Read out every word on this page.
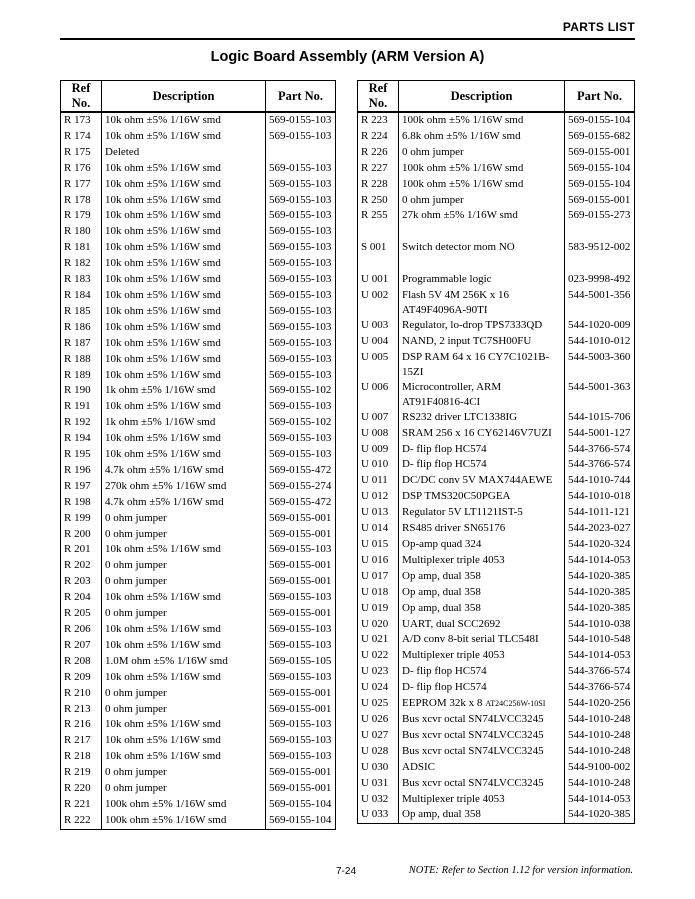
PARTS LIST
Logic Board Assembly (ARM Version A)
Ref No.	Description	Part No.
R 173	10k ohm ±5% 1/16W smd	569-0155-103
R 174	10k ohm ±5% 1/16W smd	569-0155-103
R 175	Deleted	
R 176	10k ohm ±5% 1/16W smd	569-0155-103
R 177	10k ohm ±5% 1/16W smd	569-0155-103
R 178	10k ohm ±5% 1/16W smd	569-0155-103
R 179	10k ohm ±5% 1/16W smd	569-0155-103
R 180	10k ohm ±5% 1/16W smd	569-0155-103
R 181	10k ohm ±5% 1/16W smd	569-0155-103
R 182	10k ohm ±5% 1/16W smd	569-0155-103
R 183	10k ohm ±5% 1/16W smd	569-0155-103
R 184	10k ohm ±5% 1/16W smd	569-0155-103
R 185	10k ohm ±5% 1/16W smd	569-0155-103
R 186	10k ohm ±5% 1/16W smd	569-0155-103
R 187	10k ohm ±5% 1/16W smd	569-0155-103
R 188	10k ohm ±5% 1/16W smd	569-0155-103
R 189	10k ohm ±5% 1/16W smd	569-0155-103
R 190	1k ohm ±5% 1/16W smd	569-0155-102
R 191	10k ohm ±5% 1/16W smd	569-0155-103
R 192	1k ohm ±5% 1/16W smd	569-0155-102
R 194	10k ohm ±5% 1/16W smd	569-0155-103
R 195	10k ohm ±5% 1/16W smd	569-0155-103
R 196	4.7k ohm ±5% 1/16W smd	569-0155-472
R 197	270k ohm ±5% 1/16W smd	569-0155-274
R 198	4.7k ohm ±5% 1/16W smd	569-0155-472
R 199	0 ohm jumper	569-0155-001
R 200	0 ohm jumper	569-0155-001
R 201	10k ohm ±5% 1/16W smd	569-0155-103
R 202	0 ohm jumper	569-0155-001
R 203	0 ohm jumper	569-0155-001
R 204	10k ohm ±5% 1/16W smd	569-0155-103
R 205	0 ohm jumper	569-0155-001
R 206	10k ohm ±5% 1/16W smd	569-0155-103
R 207	10k ohm ±5% 1/16W smd	569-0155-103
R 208	1.0M ohm ±5% 1/16W smd	569-0155-105
R 209	10k ohm ±5% 1/16W smd	569-0155-103
R 210	0 ohm jumper	569-0155-001
R 213	0 ohm jumper	569-0155-001
R 216	10k ohm ±5% 1/16W smd	569-0155-103
R 217	10k ohm ±5% 1/16W smd	569-0155-103
R 218	10k ohm ±5% 1/16W smd	569-0155-103
R 219	0 ohm jumper	569-0155-001
R 220	0 ohm jumper	569-0155-001
R 221	100k ohm ±5% 1/16W smd	569-0155-104
R 222	100k ohm ±5% 1/16W smd	569-0155-104
Ref No.	Description	Part No.
R 223	100k ohm ±5% 1/16W smd	569-0155-104
R 224	6.8k ohm ±5% 1/16W smd	569-0155-682
R 226	0 ohm jumper	569-0155-001
R 227	100k ohm ±5% 1/16W smd	569-0155-104
R 228	100k ohm ±5% 1/16W smd	569-0155-104
R 250	0 ohm jumper	569-0155-001
R 255	27k ohm ±5% 1/16W smd	569-0155-273

S 001	Switch detector mom NO	583-9512-002

U 001	Programmable logic	023-9998-492
U 002	Flash 5V 4M 256K x 16 AT49F4096A-90TI	544-5001-356
U 003	Regulator, lo-drop TPS7333QD	544-1020-009
U 004	NAND, 2 input TC7SH00FU	544-1010-012
U 005	DSP RAM 64 x 16 CY7C1021B-15ZI	544-5003-360
U 006	Microcontroller, ARM AT91F40816-4CI	544-5001-363
U 007	RS232 driver LTC1338IG	544-1015-706
U 008	SRAM 256 x 16 CY62146V7UZI	544-5001-127
U 009	D- flip flop HC574	544-3766-574
U 010	D- flip flop HC574	544-3766-574
U 011	DC/DC conv 5V MAX744AEWE	544-1010-744
U 012	DSP TMS320C50PGEA	544-1010-018
U 013	Regulator 5V LT1121IST-5	544-1011-121
U 014	RS485 driver SN65176	544-2023-027
U 015	Op-amp quad 324	544-1020-324
U 016	Multiplexer triple 4053	544-1014-053
U 017	Op amp, dual 358	544-1020-385
U 018	Op amp, dual 358	544-1020-385
U 019	Op amp, dual 358	544-1020-385
U 020	UART, dual SCC2692	544-1010-038
U 021	A/D conv 8-bit serial TLC548I	544-1010-548
U 022	Multiplexer triple 4053	544-1014-053
U 023	D- flip flop HC574	544-3766-574
U 024	D- flip flop HC574	544-3766-574
U 025	EEPROM 32k x 8 AT24C256W-10SI	544-1020-256
U 026	Bus xcvr octal SN74LVCC3245	544-1010-248
U 027	Bus xcvr octal SN74LVCC3245	544-1010-248
U 028	Bus xcvr octal SN74LVCC3245	544-1010-248
U 030	ADSIC	544-9100-002
U 031	Bus xcvr octal SN74LVCC3245	544-1010-248
U 032	Multiplexer triple 4053	544-1014-053
U 033	Op amp, dual 358	544-1020-385
7-24	NOTE: Refer to Section 1.12 for version information.
